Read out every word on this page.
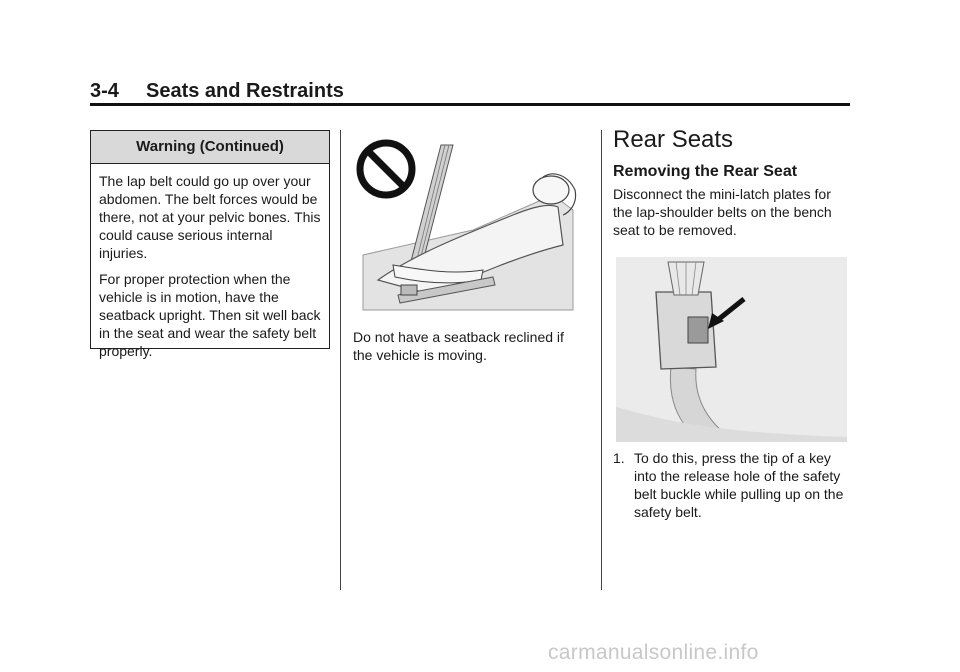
3-4 Seats and Restraints
Warning (Continued)

The lap belt could go up over your abdomen. The belt forces would be there, not at your pelvic bones. This could cause serious internal injuries.

For proper protection when the vehicle is in motion, have the seatback upright. Then sit well back in the seat and wear the safety belt properly.

Do not have a seatback reclined if the vehicle is moving.
Rear Seats
Removing the Rear Seat
Disconnect the mini-latch plates for the lap-shoulder belts on the bench seat to be removed.
1. To do this, press the tip of a key into the release hole of the safety belt buckle while pulling up on the safety belt.
carmanualsonline.info
